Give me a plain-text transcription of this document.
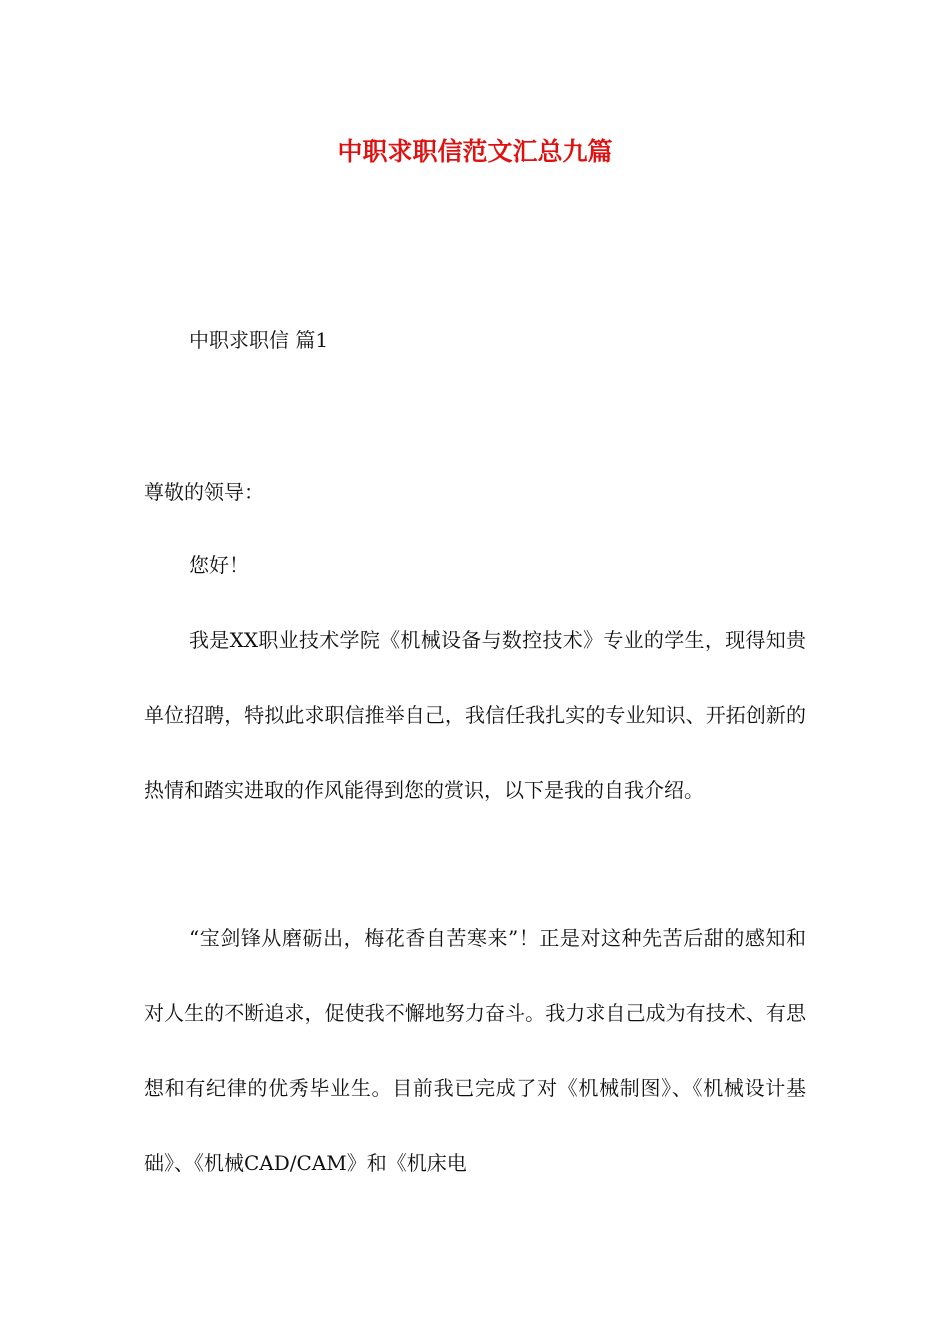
中职求职信范文汇总九篇
中职求职信 篇1
尊敬的领导：
您好！
我是XX职业技术学院《机械设备与数控技术》专业的学生，现得知贵单位招聘，特拟此求职信推举自己，我信任我扎实的专业知识、开拓创新的热情和踏实进取的作风能得到您的赏识，以下是我的自我介绍。
“宝剑锋从磨砺出，梅花香自苦寒来”！正是对这种先苦后甜的感知和对人生的不断追求，促使我不懈地努力奋斗。我力求自己成为有技术、有思想和有纪律的优秀毕业生。目前我已完成了对《机械制图》、《机械设计基础》、《机械CAD/CAM》和《机床电
